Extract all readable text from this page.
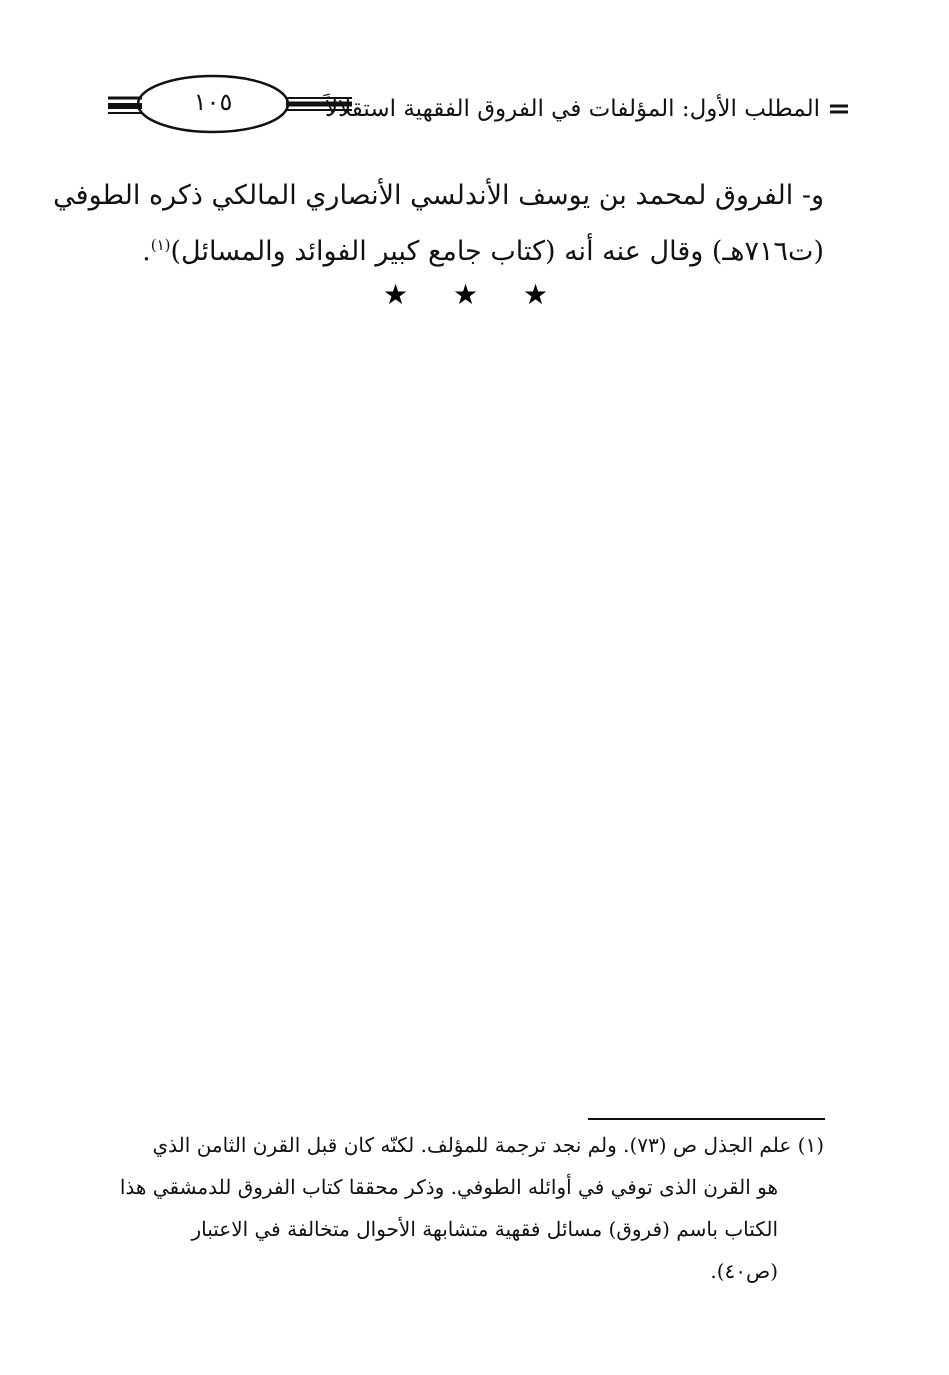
١٠٥	المطلب الأول: المؤلفات في الفروق الفقهية استقلالاً
و- الفروق لمحمد بن يوسف الأندلسي الأنصاري المالكي ذكره الطوفي
(ت٧١٦هـ) وقال عنه أنه (كتاب جامع كبير الفوائد والمسائل)$^{(١)}$.
★ ★ ★
(١) علم الجذل ص (٧٣). ولم نجد ترجمة للمؤلف. لكنّه كان قبل القرن الثامن الذي
هو القرن الذى توفي في أوائله الطوفي. وذكر محققا كتاب الفروق للدمشقي هذا
الكتاب باسم (فروق) مسائل فقهية متشابهة الأحوال متخالفة في الاعتبار
(ص٤٠).
